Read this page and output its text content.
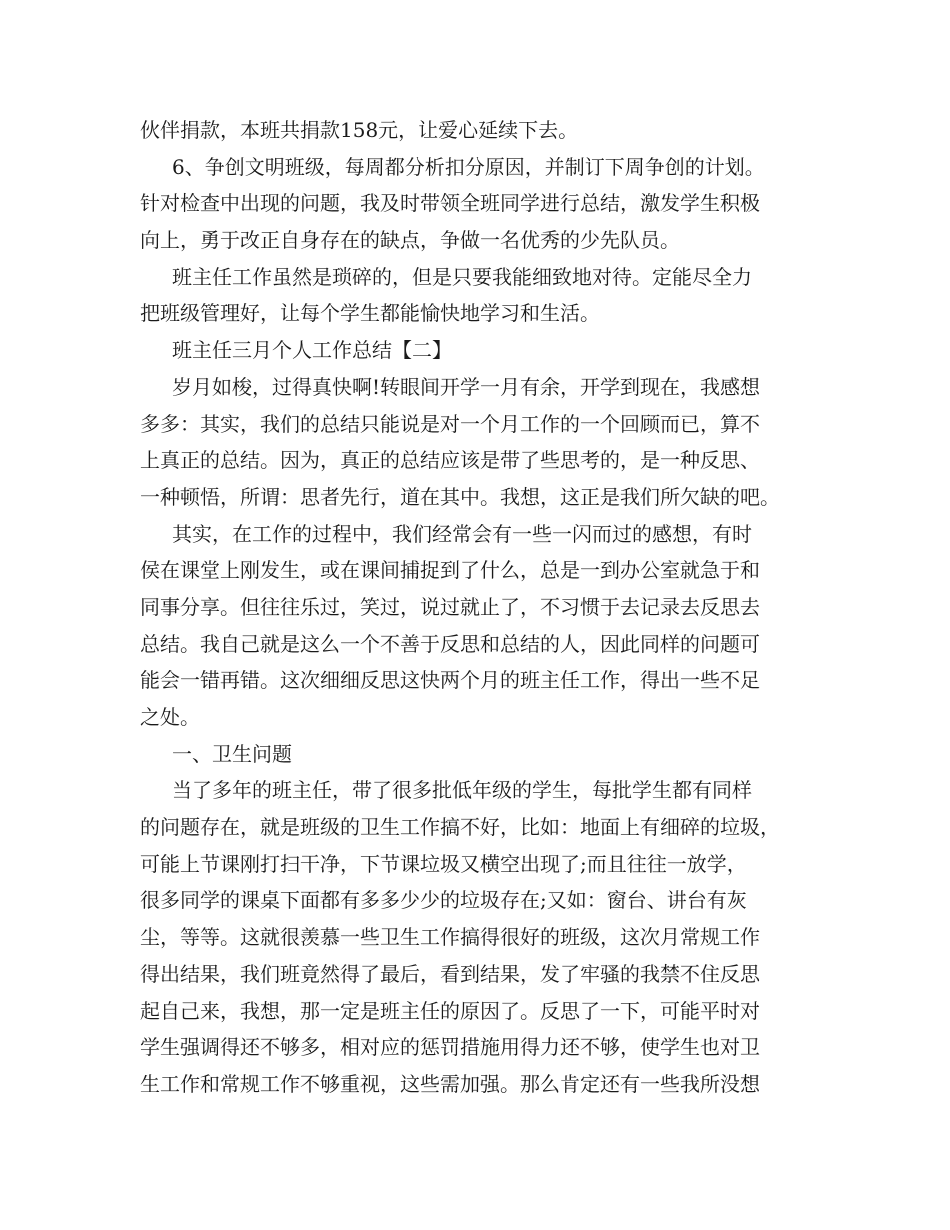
伙伴捐款，本班共捐款158元，让爱心延续下去。
6、争创文明班级，每周都分析扣分原因，并制订下周争创的计划。
针对检查中出现的问题，我及时带领全班同学进行总结，激发学生积极
向上，勇于改正自身存在的缺点，争做一名优秀的少先队员。
班主任工作虽然是琐碎的，但是只要我能细致地对待。定能尽全力
把班级管理好，让每个学生都能愉快地学习和生活。
班主任三月个人工作总结【二】
岁月如梭，过得真快啊!转眼间开学一月有余，开学到现在，我感想
多多：其实，我们的总结只能说是对一个月工作的一个回顾而已，算不
上真正的总结。因为，真正的总结应该是带了些思考的，是一种反思、
一种顿悟，所谓：思者先行，道在其中。我想，这正是我们所欠缺的吧。
其实，在工作的过程中，我们经常会有一些一闪而过的感想，有时
侯在课堂上刚发生，或在课间捕捉到了什么，总是一到办公室就急于和
同事分享。但往往乐过，笑过，说过就止了，不习惯于去记录去反思去
总结。我自己就是这么一个不善于反思和总结的人，因此同样的问题可
能会一错再错。这次细细反思这快两个月的班主任工作，得出一些不足
之处。
一、卫生问题
当了多年的班主任，带了很多批低年级的学生，每批学生都有同样
的问题存在，就是班级的卫生工作搞不好，比如：地面上有细碎的垃圾，
可能上节课刚打扫干净，下节课垃圾又横空出现了;而且往往一放学，
很多同学的课桌下面都有多多少少的垃圾存在;又如：窗台、讲台有灰
尘，等等。这就很羡慕一些卫生工作搞得很好的班级，这次月常规工作
得出结果，我们班竟然得了最后，看到结果，发了牢骚的我禁不住反思
起自己来，我想，那一定是班主任的原因了。反思了一下，可能平时对
学生强调得还不够多，相对应的惩罚措施用得力还不够，使学生也对卫
生工作和常规工作不够重视，这些需加强。那么肯定还有一些我所没想
